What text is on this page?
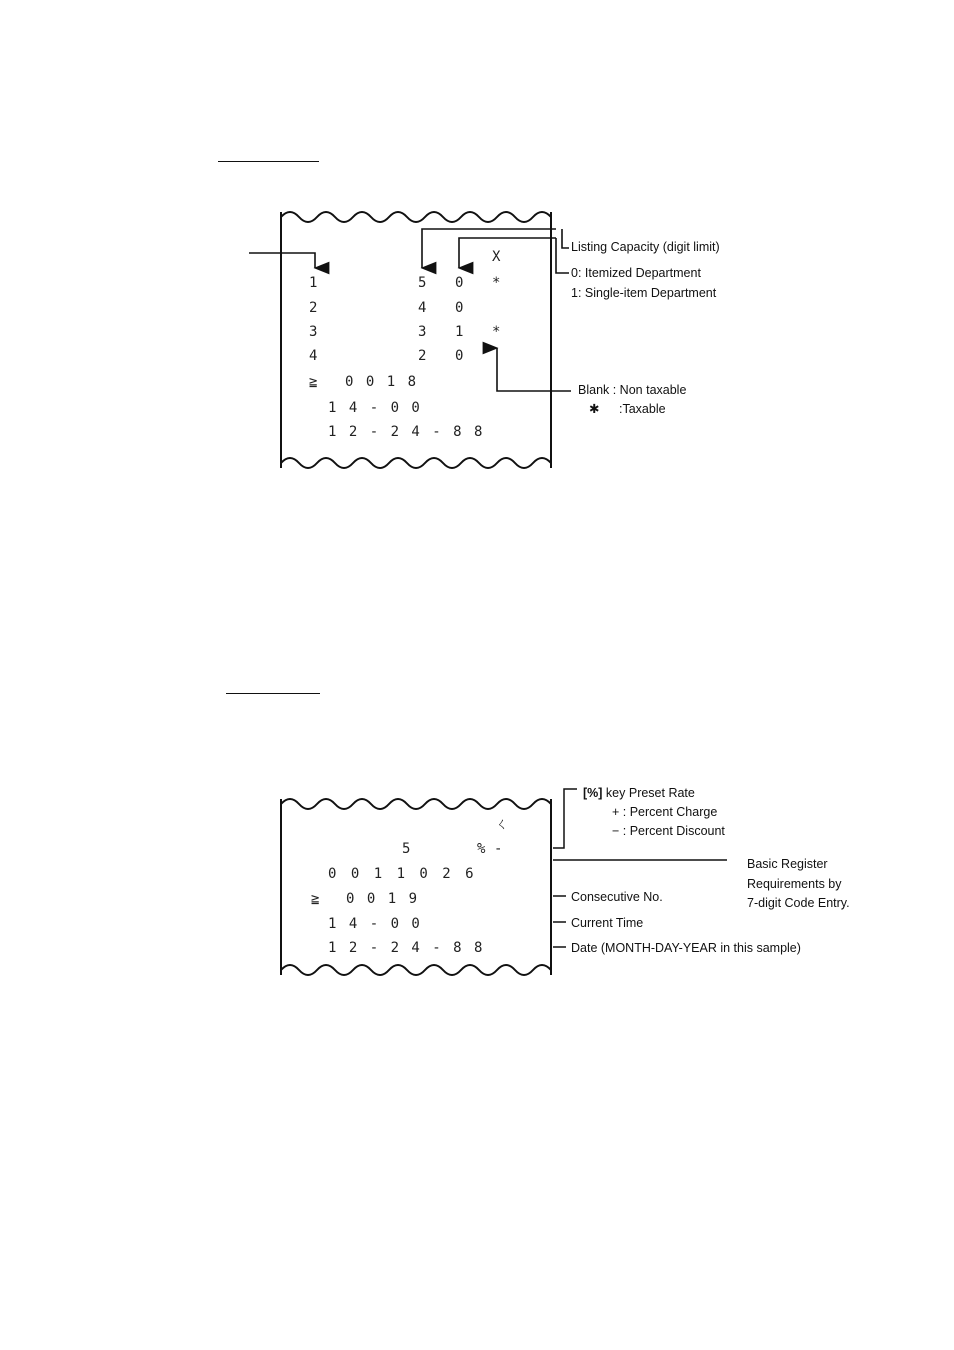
X
1	5 0 *
2	4 0
3	3 1 *
4	2 0
≧ 0 0 1 8
1 4 - 0 0
1 2 - 2 4 - 8 8
Listing Capacity (digit limit)
0: Itemized Department
1: Single-item Department
Blank : Non taxable
✱ :Taxable
ㄑ
5	% -
0 0 1 1 0 2 6
≧ 0 0 1 9
1 4 - 0 0
1 2 - 2 4 - 8 8
[%] key Preset Rate
+ : Percent Charge
− : Percent Discount
Basic Register
Requirements by
7-digit Code Entry.
Consecutive No.
Current Time
Date (MONTH-DAY-YEAR in this sample)
